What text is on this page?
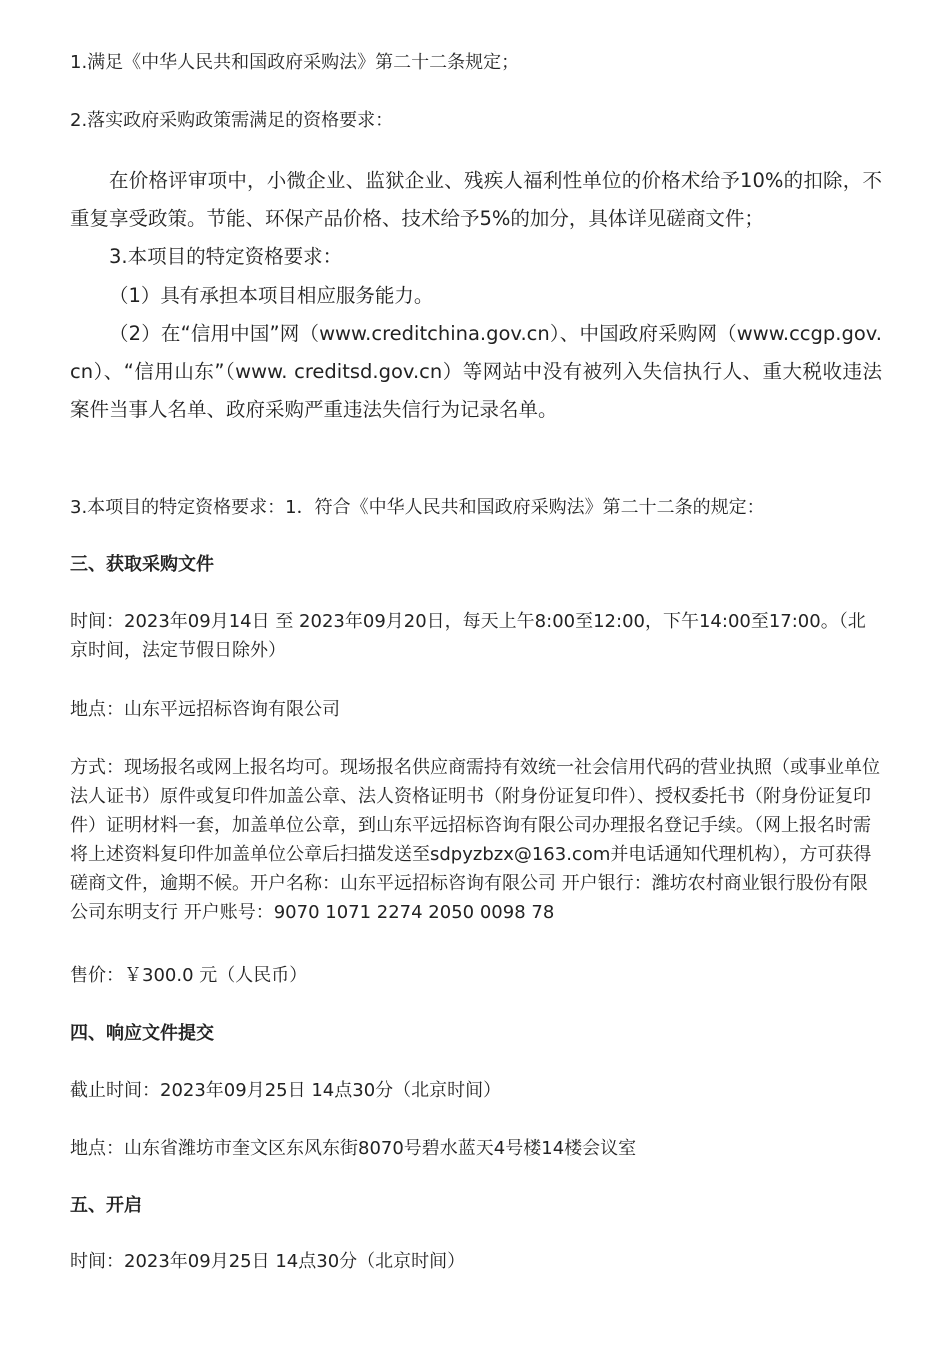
1.满足《中华人民共和国政府采购法》第二十二条规定；

2.落实政府采购政策需满足的资格要求：

在价格评审项中，小微企业、监狱企业、残疾人福利性单位的价格术给予10%的扣除，不重复享受政策。节能、环保产品价格、技术给予5%的加分，具体详见磋商文件；

3.本项目的特定资格要求：

（1）具有承担本项目相应服务能力。

（2）在“信用中国”网（www.creditchina.gov.cn）、中国政府采购网（www.ccgp.gov.cn）、“信用山东”（www. creditsd.gov.cn）等网站中没有被列入失信执行人、重大税收违法案件当事人名单、政府采购严重违法失信行为记录名单。

3.本项目的特定资格要求：1．符合《中华人民共和国政府采购法》第二十二条的规定：

三、获取采购文件

时间：2023年09月14日 至 2023年09月20日，每天上午8:00至12:00，下午14:00至17:00。（北京时间，法定节假日除外）

地点：山东平远招标咨询有限公司

方式：现场报名或网上报名均可。现场报名供应商需持有效统一社会信用代码的营业执照（或事业单位法人证书）原件或复印件加盖公章、法人资格证明书（附身份证复印件）、授权委托书（附身份证复印件）证明材料一套，加盖单位公章，到山东平远招标咨询有限公司办理报名登记手续。（网上报名时需将上述资料复印件加盖单位公章后扫描发送至sdpyzbzx@163.com并电话通知代理机构），方可获得磋商文件，逾期不候。开户名称：山东平远招标咨询有限公司 开户银行：潍坊农村商业银行股份有限公司东明支行 开户账号：9070 1071 2274 2050 0098 78

售价：￥300.0 元（人民币）

四、响应文件提交

截止时间：2023年09月25日 14点30分（北京时间）

地点：山东省潍坊市奎文区东风东街8070号碧水蓝天4号楼14楼会议室

五、开启

时间：2023年09月25日 14点30分（北京时间）
